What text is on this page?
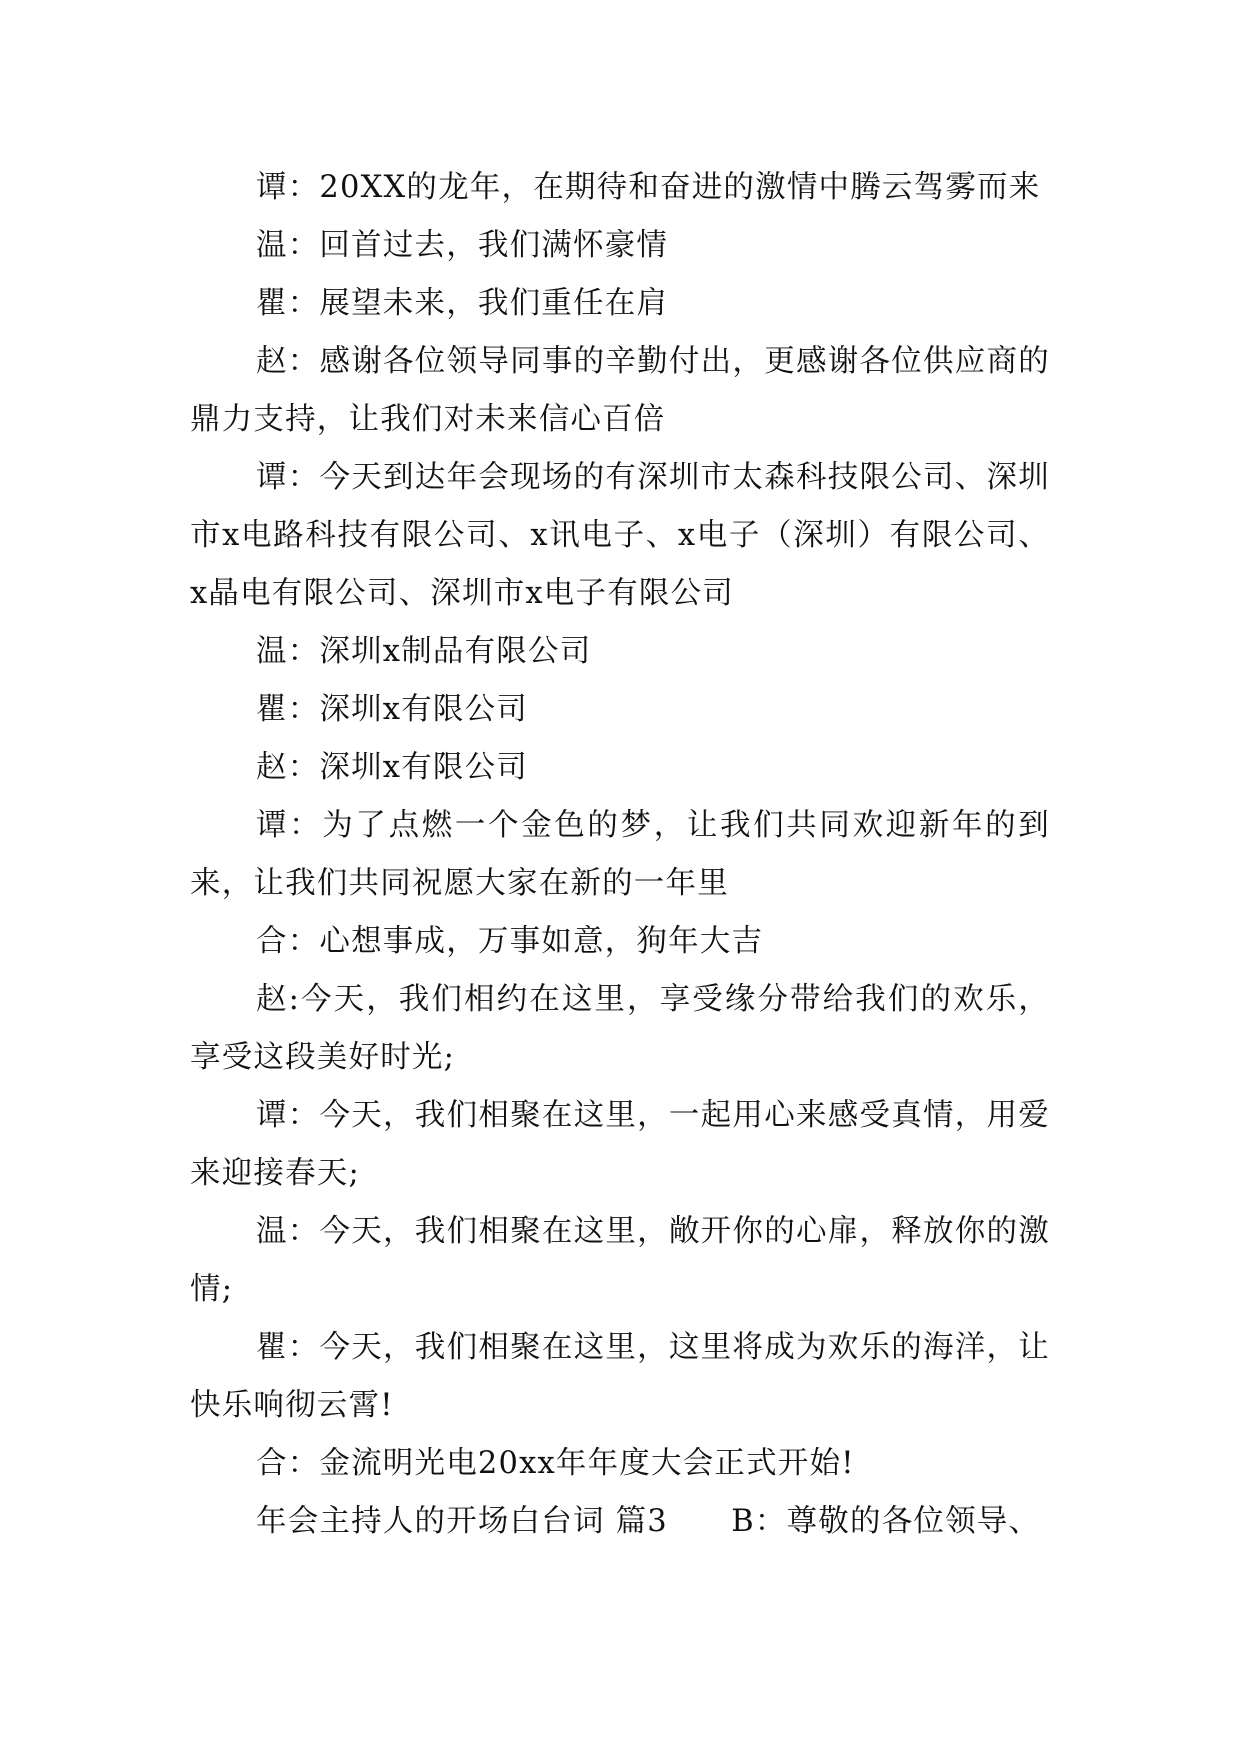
谭：20XX的龙年，在期待和奋进的激情中腾云驾雾而来

温：回首过去，我们满怀豪情

瞿：展望未来，我们重任在肩

赵：感谢各位领导同事的辛勤付出，更感谢各位供应商的鼎力支持，让我们对未来信心百倍

谭：今天到达年会现场的有深圳市太森科技限公司、深圳市x电路科技有限公司、x讯电子、x电子（深圳）有限公司、x晶电有限公司、深圳市x电子有限公司

温：深圳x制品有限公司

瞿：深圳x有限公司

赵：深圳x有限公司

谭：为了点燃一个金色的梦，让我们共同欢迎新年的到来，让我们共同祝愿大家在新的一年里

合：心想事成，万事如意，狗年大吉

赵:今天，我们相约在这里，享受缘分带给我们的欢乐，享受这段美好时光;

谭：今天，我们相聚在这里，一起用心来感受真情，用爱来迎接春天;

温：今天，我们相聚在这里，敞开你的心扉，释放你的激情;

瞿：今天，我们相聚在这里，这里将成为欢乐的海洋，让快乐响彻云霄!

合：金流明光电20xx年年度大会正式开始!

年会主持人的开场白台词 篇3　　B：尊敬的各位领导、
